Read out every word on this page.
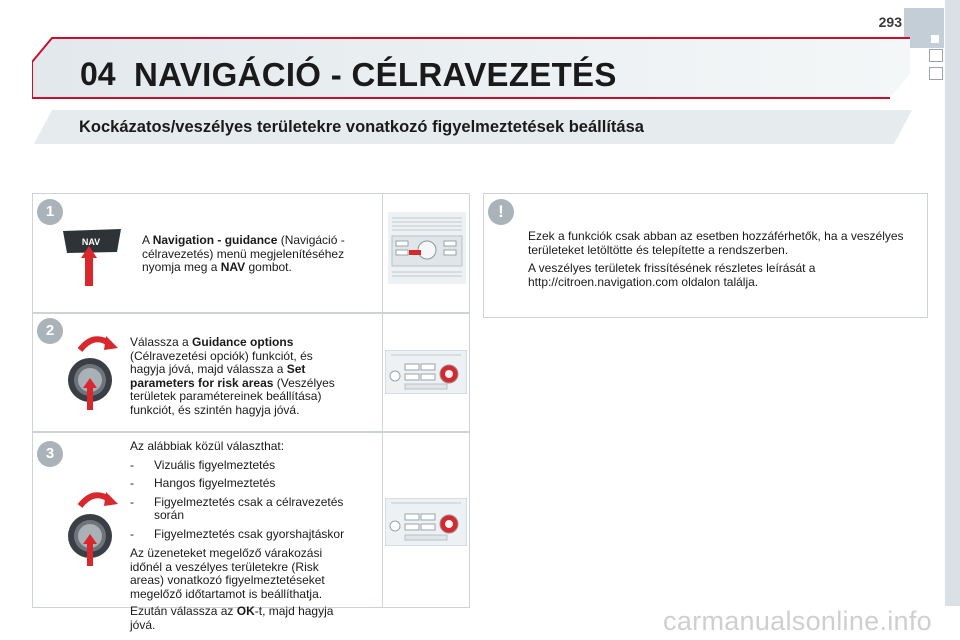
293
04 NAVIGÁCIÓ - CÉLRAVEZETÉS
Kockázatos/veszélyes területekre vonatkozó figyelmeztetések beállítása
1
NAV	A Navigation - guidance (Navigáció - célravezetés) menü megjelenítéséhez nyomja meg a NAV gombot.
2
Válassza a Guidance options (Célravezetési opciók) funkciót, és hagyja jóvá, majd válassza a Set parameters for risk areas (Veszélyes területek paramétereinek beállítása) funkciót, és szintén hagyja jóvá.
3	Az alábbiak közül választhat:

- Vizuális figyelmeztetés
- Hangos figyelmeztetés
- Figyelmeztetés csak a célravezetés során
- Figyelmeztetés csak gyorshajtáskor

Az üzeneteket megelőző várakozási időnél a veszélyes területekre (Risk areas) vonatkozó figyelmeztetéseket megelőző időtartamot is beállíthatja.

Ezután válassza az OK-t, majd hagyja jóvá.

!

Ezek a funkciók csak abban az esetben hozzáférhetők, ha a veszélyes területeket letöltötte és telepítette a rendszerben.

A veszélyes területek frissítésének részletes leírását a http://citroen.navigation.com oldalon találja.

carmanualsonline.info
